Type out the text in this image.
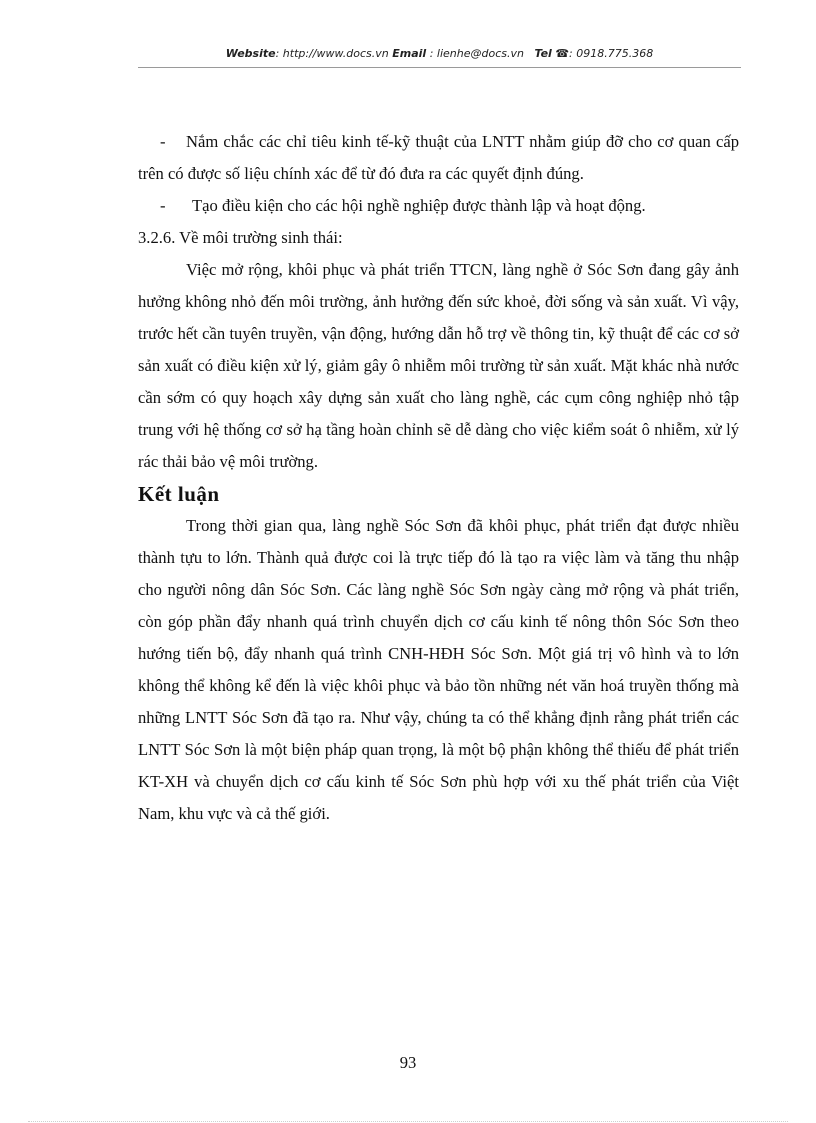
Website: http://www.docs.vn Email : lienhe@docs.vn Tel ☎: 0918.775.368

- Nắm chắc các chỉ tiêu kinh tế-kỹ thuật của LNTT nhằm giúp đỡ cho cơ quan cấp trên có được số liệu chính xác để từ đó đưa ra các quyết định đúng.

- Tạo điều kiện cho các hội nghề nghiệp được thành lập và hoạt động.

3.2.6. Về môi trường sinh thái:

Việc mở rộng, khôi phục và phát triển TTCN, làng nghề ở Sóc Sơn đang gây ảnh hưởng không nhỏ đến môi trường, ảnh hưởng đến sức khoẻ, đời sống và sản xuất. Vì vậy, trước hết cần tuyên truyền, vận động, hướng dẫn hỗ trợ về thông tin, kỹ thuật để các cơ sở sản xuất có điều kiện xử lý, giảm gây ô nhiễm môi trường từ sản xuất. Mặt khác nhà nước cần sớm có quy hoạch xây dựng sản xuất cho làng nghề, các cụm công nghiệp nhỏ tập trung với hệ thống cơ sở hạ tầng hoàn chỉnh sẽ dễ dàng cho việc kiểm soát ô nhiễm, xử lý rác thải bảo vệ môi trường.

Kết luận

Trong thời gian qua, làng nghề Sóc Sơn đã khôi phục, phát triển đạt được nhiều thành tựu to lớn. Thành quả được coi là trực tiếp đó là tạo ra việc làm và tăng thu nhập cho người nông dân Sóc Sơn. Các làng nghề Sóc Sơn ngày càng mở rộng và phát triển, còn góp phần đẩy nhanh quá trình chuyển dịch cơ cấu kinh tế nông thôn Sóc Sơn theo hướng tiến bộ, đẩy nhanh quá trình CNH-HĐH Sóc Sơn. Một giá trị vô hình và to lớn không thể không kể đến là việc khôi phục và bảo tồn những nét văn hoá truyền thống mà những LNTT Sóc Sơn đã tạo ra. Như vậy, chúng ta có thể khẳng định rằng phát triển các LNTT Sóc Sơn là một biện pháp quan trọng, là một bộ phận không thể thiếu để phát triển KT-XH và chuyển dịch cơ cấu kinh tế Sóc Sơn phù hợp với xu thế phát triển của Việt Nam, khu vực và cả thế giới.

93
